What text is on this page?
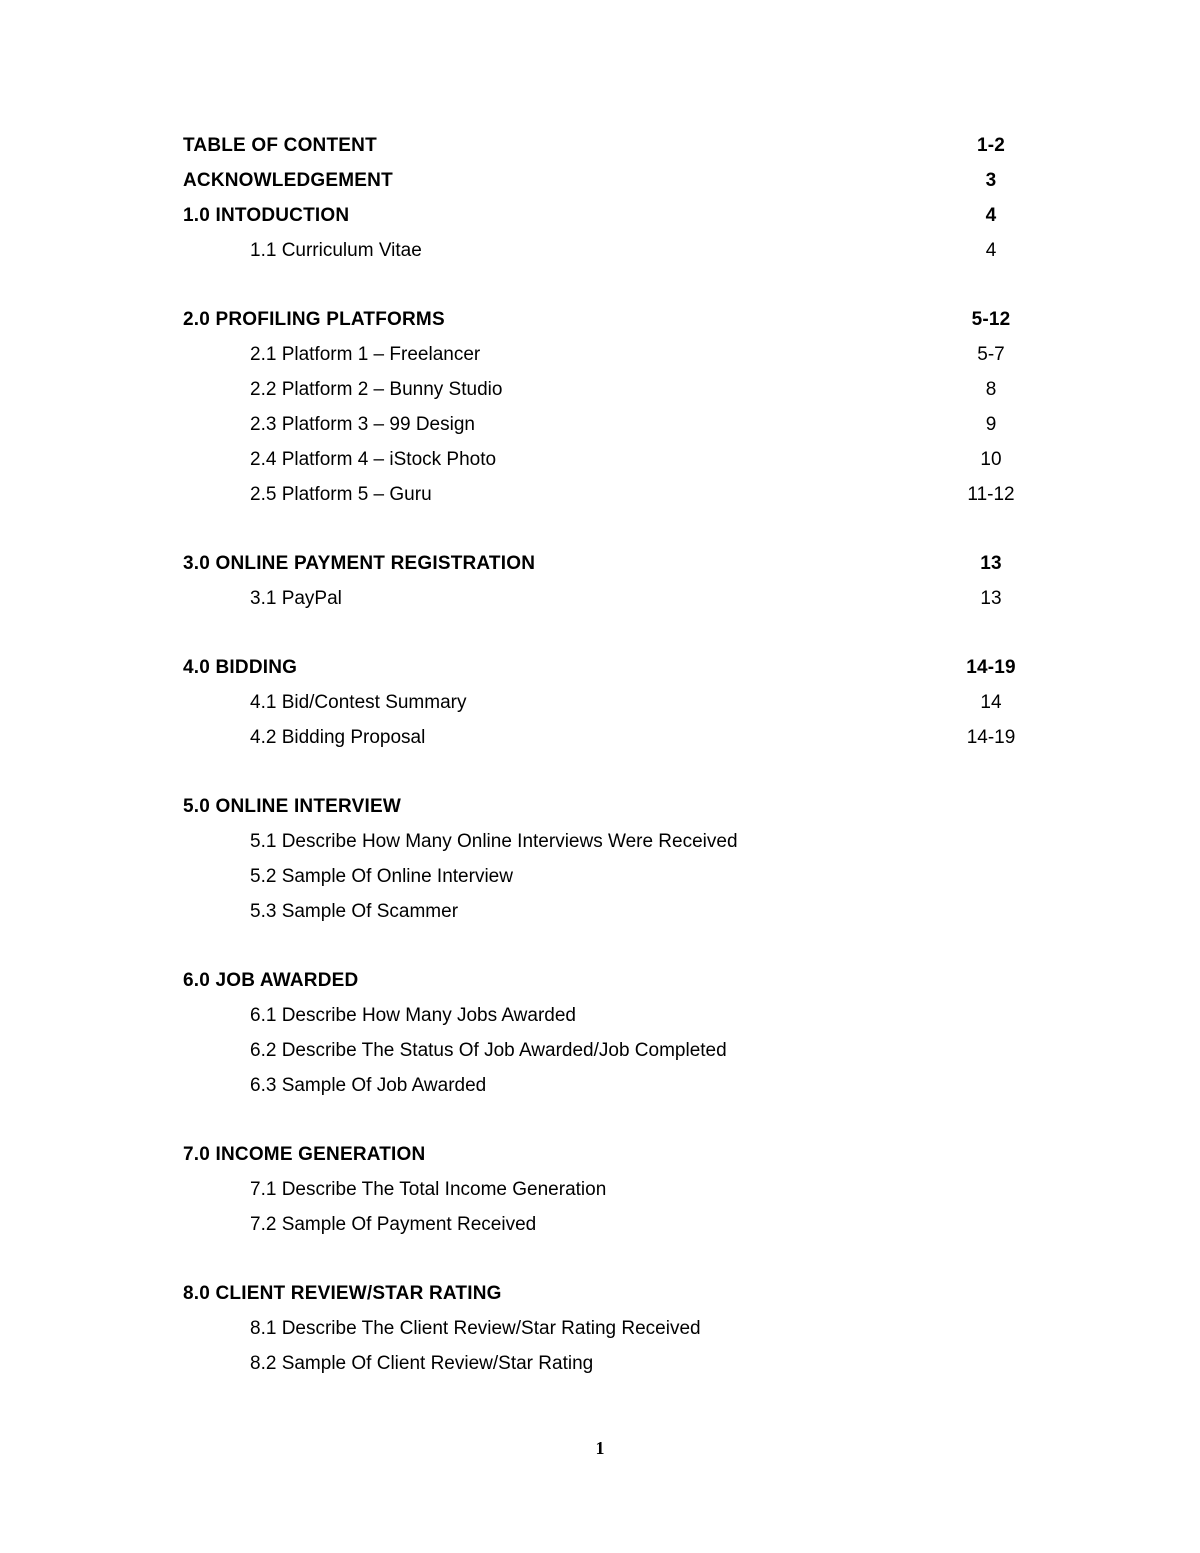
TABLE OF CONTENT	1-2
ACKNOWLEDGEMENT	3
1.0 INTODUCTION	4
1.1 Curriculum Vitae	4
2.0 PROFILING PLATFORMS	5-12
2.1 Platform 1 – Freelancer	5-7
2.2 Platform 2 – Bunny Studio	8
2.3 Platform 3 – 99 Design	9
2.4 Platform 4 – iStock Photo	10
2.5 Platform 5 – Guru	11-12
3.0 ONLINE PAYMENT REGISTRATION	13
3.1 PayPal	13
4.0 BIDDING	14-19
4.1 Bid/Contest Summary	14
4.2 Bidding Proposal	14-19
5.0 ONLINE INTERVIEW
5.1 Describe How Many Online Interviews Were Received
5.2 Sample Of Online Interview
5.3 Sample Of Scammer
6.0 JOB AWARDED
6.1 Describe How Many Jobs Awarded
6.2 Describe The Status Of Job Awarded/Job Completed
6.3 Sample Of Job Awarded
7.0 INCOME GENERATION
7.1 Describe The Total Income Generation
7.2 Sample Of Payment Received
8.0 CLIENT REVIEW/STAR RATING
8.1 Describe The Client Review/Star Rating Received
8.2 Sample Of Client Review/Star Rating
1
